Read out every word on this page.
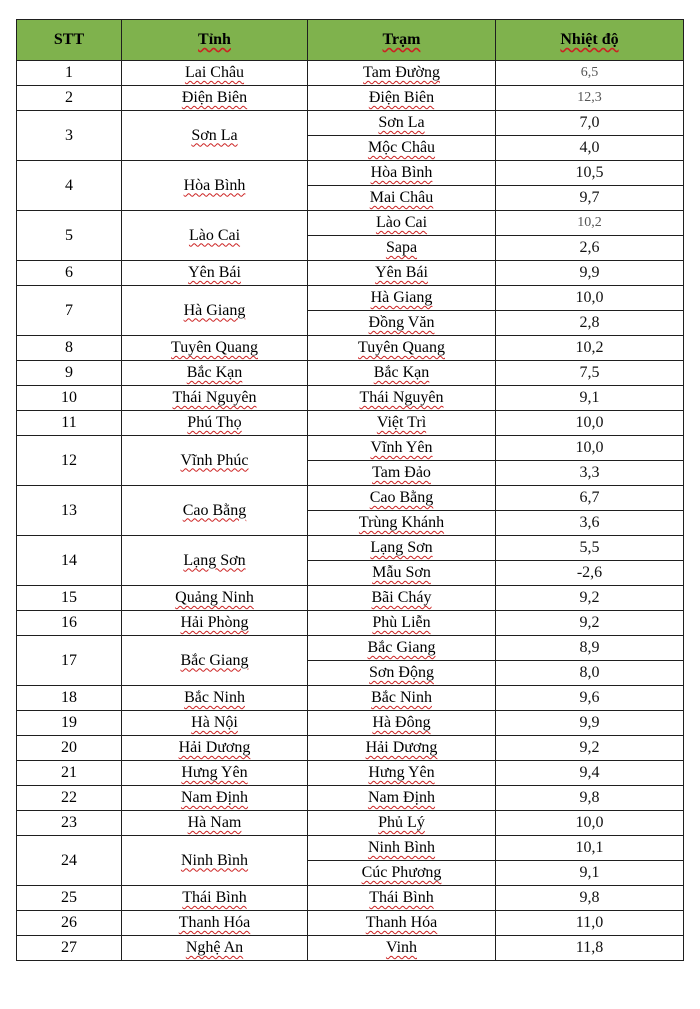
STT	Tỉnh	Trạm	Nhiệt độ
1	Lai Châu	Tam Đường	6,5
2	Điện Biên	Điện Biên	12,3
3	Sơn La	Sơn La	7,0
		Mộc Châu	4,0
4	Hòa Bình	Hòa Bình	10,5
		Mai Châu	9,7
5	Lào Cai	Lào Cai	10,2
		Sapa	2,6
6	Yên Bái	Yên Bái	9,9
7	Hà Giang	Hà Giang	10,0
		Đồng Văn	2,8
8	Tuyên Quang	Tuyên Quang	10,2
9	Bắc Kạn	Bắc Kạn	7,5
10	Thái Nguyên	Thái Nguyên	9,1
11	Phú Thọ	Việt Trì	10,0
12	Vĩnh Phúc	Vĩnh Yên	10,0
		Tam Đảo	3,3
13	Cao Bằng	Cao Bằng	6,7
		Trùng Khánh	3,6
14	Lạng Sơn	Lạng Sơn	5,5
		Mẫu Sơn	-2,6
15	Quảng Ninh	Bãi Cháy	9,2
16	Hải Phòng	Phù Liễn	9,2
17	Bắc Giang	Bắc Giang	8,9
		Sơn Động	8,0
18	Bắc Ninh	Bắc Ninh	9,6
19	Hà Nội	Hà Đông	9,9
20	Hải Dương	Hải Dương	9,2
21	Hưng Yên	Hưng Yên	9,4
22	Nam Định	Nam Định	9,8
23	Hà Nam	Phủ Lý	10,0
24	Ninh Bình	Ninh Bình	10,1
		Cúc Phương	9,1
25	Thái Bình	Thái Bình	9,8
26	Thanh Hóa	Thanh Hóa	11,0
27	Nghệ An	Vinh	11,8
